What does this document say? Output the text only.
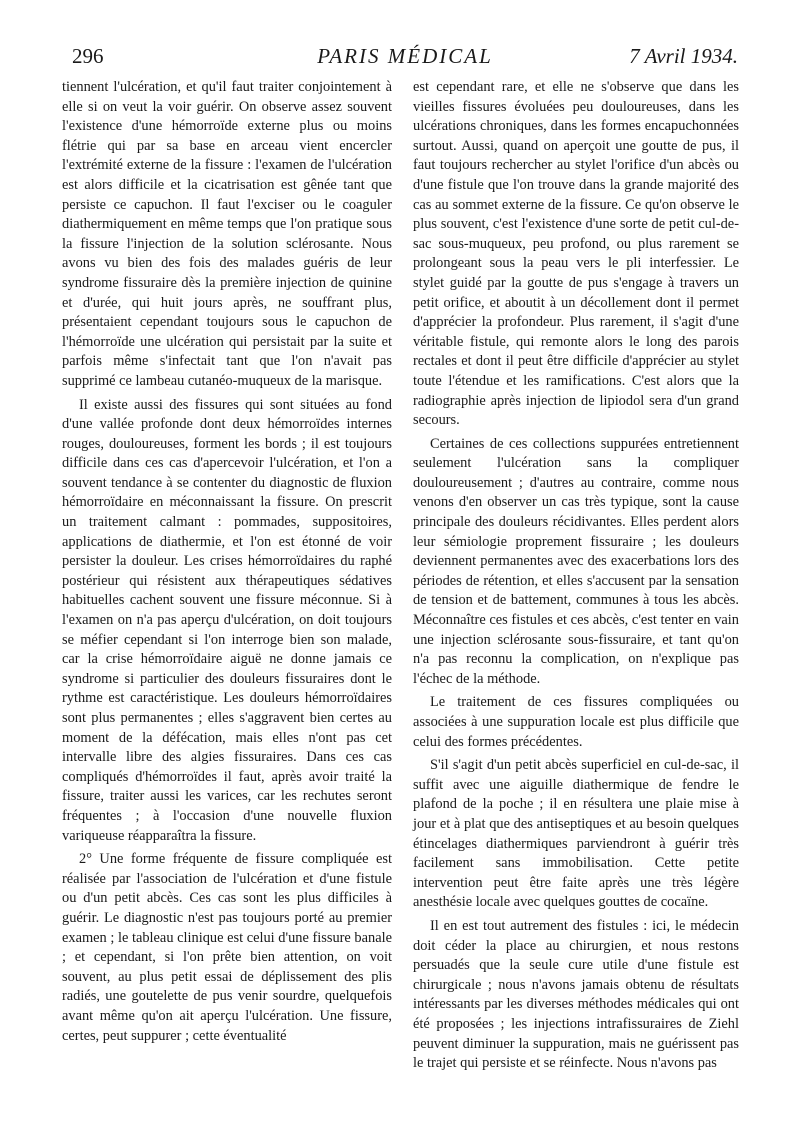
296	PARIS MÉDICAL	7 Avril 1934.

tiennent l'ulcération, et qu'il faut traiter conjointement à elle si on veut la voir guérir. On observe assez souvent l'existence d'une hémorroïde externe plus ou moins flétrie qui par sa base en arceau vient encercler l'extrémité externe de la fissure : l'examen de l'ulcération est alors difficile et la cicatrisation est gênée tant que persiste ce capuchon. Il faut l'exciser ou le coaguler diathermiquement en même temps que l'on pratique sous la fissure l'injection de la solution sclérosante. Nous avons vu bien des fois des malades guéris de leur syndrome fissuraire dès la première injection de quinine et d'urée, qui huit jours après, ne souffrant plus, présentaient cependant toujours sous le capuchon de l'hémorroïde une ulcération qui persistait par la suite et parfois même s'infectait tant que l'on n'avait pas supprimé ce lambeau cutanéo-muqueux de la marisque.

Il existe aussi des fissures qui sont situées au fond d'une vallée profonde dont deux hémorroïdes internes rouges, douloureuses, forment les bords ; il est toujours difficile dans ces cas d'apercevoir l'ulcération, et l'on a souvent tendance à se contenter du diagnostic de fluxion hémorroïdaire en méconnaissant la fissure. On prescrit un traitement calmant : pommades, suppositoires, applications de diathermie, et l'on est étonné de voir persister la douleur. Les crises hémorroïdaires du raphé postérieur qui résistent aux thérapeutiques sédatives habituelles cachent souvent une fissure méconnue. Si à l'examen on n'a pas aperçu d'ulcération, on doit toujours se méfier cependant si l'on interroge bien son malade, car la crise hémorroïdaire aiguë ne donne jamais ce syndrome si particulier des douleurs fissuraires dont le rythme est caractéristique. Les douleurs hémorroïdaires sont plus permanentes ; elles s'aggravent bien certes au moment de la défécation, mais elles n'ont pas cet intervalle libre des algies fissuraires. Dans ces cas compliqués d'hémorroïdes il faut, après avoir traité la fissure, traiter aussi les varices, car les rechutes seront fréquentes ; à l'occasion d'une nouvelle fluxion variqueuse réapparaîtra la fissure.

2° Une forme fréquente de fissure compliquée est réalisée par l'association de l'ulcération et d'une fistule ou d'un petit abcès. Ces cas sont les plus difficiles à guérir. Le diagnostic n'est pas toujours porté au premier examen ; le tableau clinique est celui d'une fissure banale ; et cependant, si l'on prête bien attention, on voit souvent, au plus petit essai de déplissement des plis radiés, une goutelette de pus venir sourdre, quelquefois avant même qu'on ait aperçu l'ulcération. Une fissure, certes, peut suppurer ; cette éventualité

est cependant rare, et elle ne s'observe que dans les vieilles fissures évoluées peu douloureuses, dans les ulcérations chroniques, dans les formes encapuchonnées surtout. Aussi, quand on aperçoit une goutte de pus, il faut toujours rechercher au stylet l'orifice d'un abcès ou d'une fistule que l'on trouve dans la grande majorité des cas au sommet externe de la fissure. Ce qu'on observe le plus souvent, c'est l'existence d'une sorte de petit cul-de-sac sous-muqueux, peu profond, ou plus rarement se prolongeant sous la peau vers le pli interfessier. Le stylet guidé par la goutte de pus s'engage à travers un petit orifice, et aboutit à un décollement dont il permet d'apprécier la profondeur. Plus rarement, il s'agit d'une véritable fistule, qui remonte alors le long des parois rectales et dont il peut être difficile d'apprécier au stylet toute l'étendue et les ramifications. C'est alors que la radiographie après injection de lipiodol sera d'un grand secours.

Certaines de ces collections suppurées entretiennent seulement l'ulcération sans la compliquer douloureusement ; d'autres au contraire, comme nous venons d'en observer un cas très typique, sont la cause principale des douleurs récidivantes. Elles perdent alors leur sémiologie proprement fissuraire ; les douleurs deviennent permanentes avec des exacerbations lors des périodes de rétention, et elles s'accusent par la sensation de tension et de battement, communes à tous les abcès. Méconnaître ces fistules et ces abcès, c'est tenter en vain une injection sclérosante sous-fissuraire, et tant qu'on n'a pas reconnu la complication, on n'explique pas l'échec de la méthode.

Le traitement de ces fissures compliquées ou associées à une suppuration locale est plus difficile que celui des formes précédentes.

S'il s'agit d'un petit abcès superficiel en cul-de-sac, il suffit avec une aiguille diathermique de fendre le plafond de la poche ; il en résultera une plaie mise à jour et à plat que des antiseptiques et au besoin quelques étincelages diathermiques parviendront à guérir très facilement sans immobilisation. Cette petite intervention peut être faite après une très légère anesthésie locale avec quelques gouttes de cocaïne.

Il en est tout autrement des fistules : ici, le médecin doit céder la place au chirurgien, et nous restons persuadés que la seule cure utile d'une fistule est chirurgicale ; nous n'avons jamais obtenu de résultats intéressants par les diverses méthodes médicales qui ont été proposées ; les injections intrafissuraires de Ziehl peuvent diminuer la suppuration, mais ne guérissent pas le trajet qui persiste et se réinfecte. Nous n'avons pas
